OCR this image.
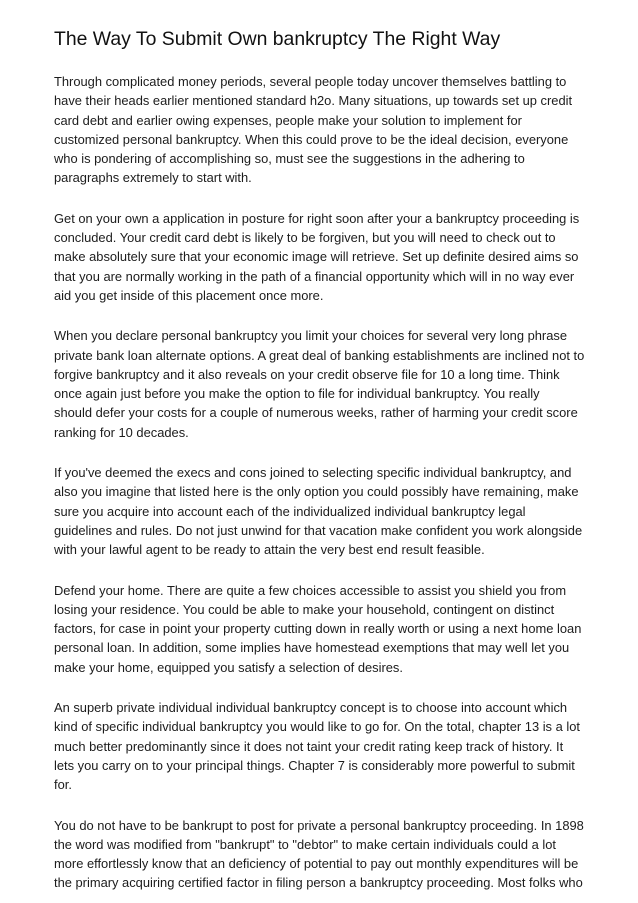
The Way To Submit Own bankruptcy The Right Way
Through complicated money periods, several people today uncover themselves battling to
have their heads earlier mentioned standard h2o. Many situations, up towards set up credit
card debt and earlier owing expenses, people make your solution to implement for
customized personal bankruptcy. When this could prove to be the ideal decision, everyone
who is pondering of accomplishing so, must see the suggestions in the adhering to
paragraphs extremely to start with.
Get on your own a application in posture for right soon after your a bankruptcy proceeding is
concluded. Your credit card debt is likely to be forgiven, but you will need to check out to
make absolutely sure that your economic image will retrieve. Set up definite desired aims so
that you are normally working in the path of a financial opportunity which will in no way ever
aid you get inside of this placement once more.
When you declare personal bankruptcy you limit your choices for several very long phrase
private bank loan alternate options. A great deal of banking establishments are inclined not to
forgive bankruptcy and it also reveals on your credit observe file for 10 a long time. Think
once again just before you make the option to file for individual bankruptcy. You really
should defer your costs for a couple of numerous weeks, rather of harming your credit score
ranking for 10 decades.
If you've deemed the execs and cons joined to selecting specific individual bankruptcy, and
also you imagine that listed here is the only option you could possibly have remaining, make
sure you acquire into account each of the individualized individual bankruptcy legal
guidelines and rules. Do not just unwind for that vacation make confident you work alongside
with your lawful agent to be ready to attain the very best end result feasible.
Defend your home. There are quite a few choices accessible to assist you shield you from
losing your residence. You could be able to make your household, contingent on distinct
factors, for case in point your property cutting down in really worth or using a next home loan
personal loan. In addition, some implies have homestead exemptions that may well let you
make your home, equipped you satisfy a selection of desires.
An superb private individual individual bankruptcy concept is to choose into account which
kind of specific individual bankruptcy you would like to go for. On the total, chapter 13 is a lot
much better predominantly since it does not taint your credit rating keep track of history. It
lets you carry on to your principal things. Chapter 7 is considerably more powerful to submit
for.
You do not have to be bankrupt to post for private a personal bankruptcy proceeding. In 1898
the word was modified from "bankrupt" to "debtor" to make certain individuals could a lot
more effortlessly know that an deficiency of potential to pay out monthly expenditures will be
the primary acquiring certified factor in filing person a bankruptcy proceeding. Most folks who
